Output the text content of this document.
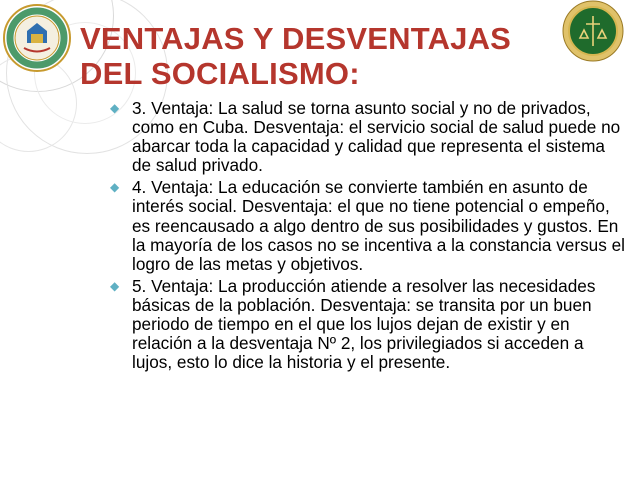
VENTAJAS Y DESVENTAJAS
DEL SOCIALISMO:
◆ 3. Ventaja: La salud se torna asunto social y no de privados, como en Cuba. Desventaja: el servicio social de salud puede no abarcar toda la capacidad y calidad que representa el sistema de salud privado.
◆ 4. Ventaja: La educación se convierte también en asunto de interés social. Desventaja: el que no tiene potencial o empeño, es reencausado a algo dentro de sus posibilidades y gustos. En la mayoría de los casos no se incentiva a la constancia versus el logro de las metas y objetivos.
◆ 5. Ventaja: La producción atiende a resolver las necesidades básicas de la población. Desventaja: se transita por un buen periodo de tiempo en el que los lujos dejan de existir y en relación a la desventaja Nº 2, los privilegiados si acceden a lujos, esto lo dice la historia y el presente.
